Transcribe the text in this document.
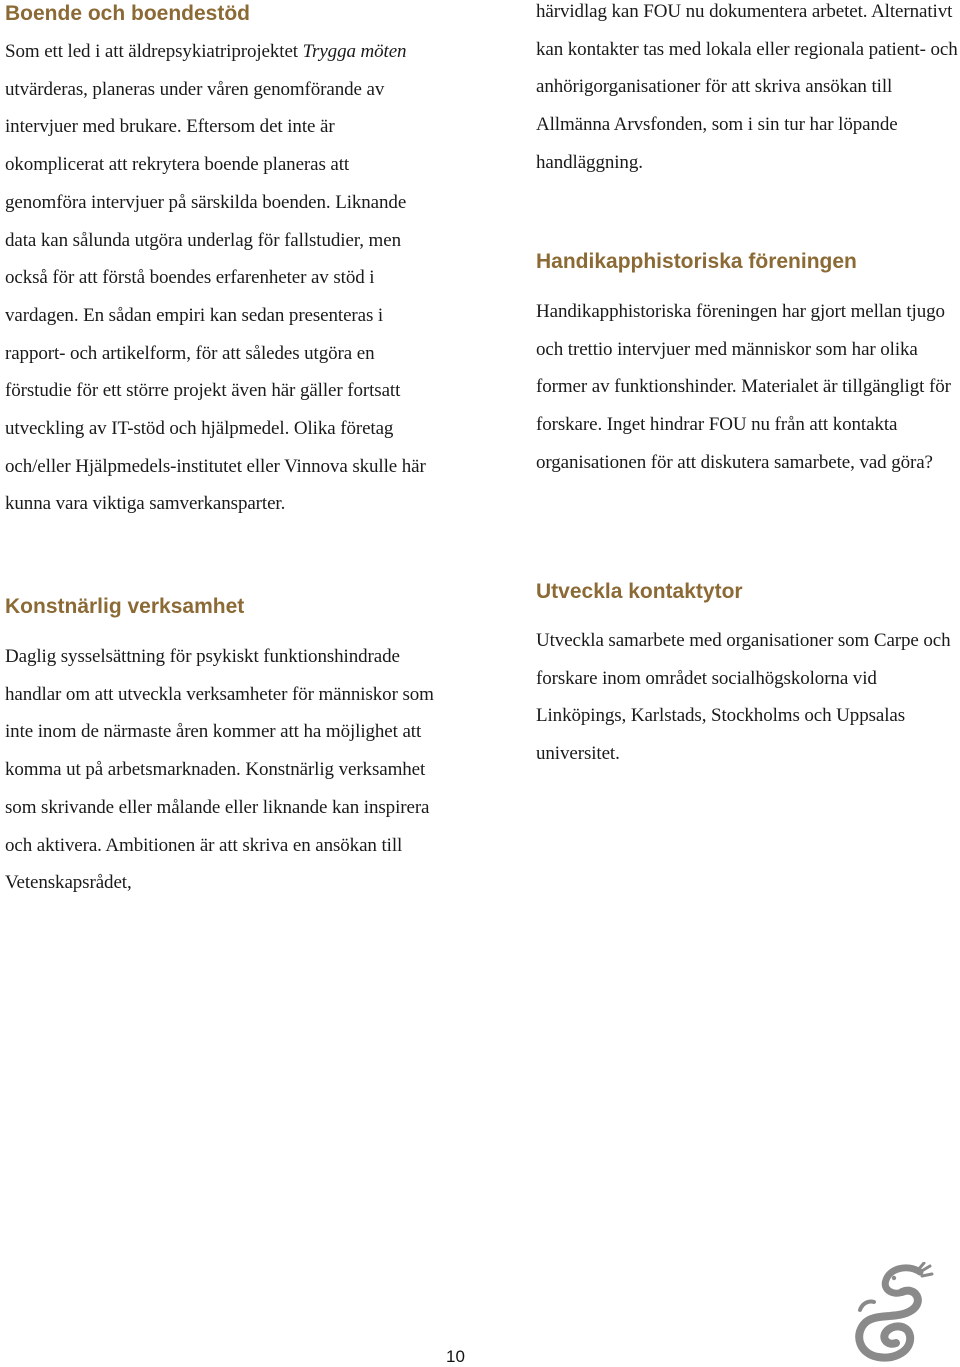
Boende och boendestöd

Som ett led i att äldrepsykiatriprojektet Trygga möten utvärderas, planeras under våren genomförande av intervjuer med brukare. Eftersom det inte är okomplicerat att rekrytera boende planeras att genomföra intervjuer på särskilda boenden. Liknande data kan sålunda utgöra underlag för fallstudier, men också för att förstå boendes erfarenheter av stöd i vardagen. En sådan empiri kan sedan presenteras i rapport- och artikelform, för att således utgöra en förstudie för ett större projekt även här gäller fortsatt utveckling av IT-stöd och hjälpmedel. Olika företag och/eller Hjälpmedels-institutet eller Vinnova skulle här kunna vara viktiga samverkansparter.

Konstnärlig verksamhet

Daglig sysselsättning för psykiskt funktionshindrade handlar om att utveckla verksamheter för människor som inte inom de närmaste åren kommer att ha möjlighet att komma ut på arbetsmarknaden. Konstnärlig verksamhet som skrivande eller målande eller liknande kan inspirera och aktivera. Ambitionen är att skriva en ansökan till Vetenskapsrådet,

härvidlag kan FOU nu dokumentera arbetet. Alternativt kan kontakter tas med lokala eller regionala patient- och anhörigorganisationer för att skriva ansökan till Allmänna Arvsfonden, som i sin tur har löpande handläggning.

Handikapphistoriska föreningen

Handikapphistoriska föreningen har gjort mellan tjugo och trettio intervjuer med människor som har olika former av funktionshinder. Materialet är tillgängligt för forskare. Inget hindrar FOU nu från att kontakta organisationen för att diskutera samarbete, vad göra?

Utveckla kontaktytor

Utveckla samarbete med organisationer som Carpe och forskare inom området socialhögskolorna vid Linköpings, Karlstads, Stockholms och Uppsalas universitet.

10
